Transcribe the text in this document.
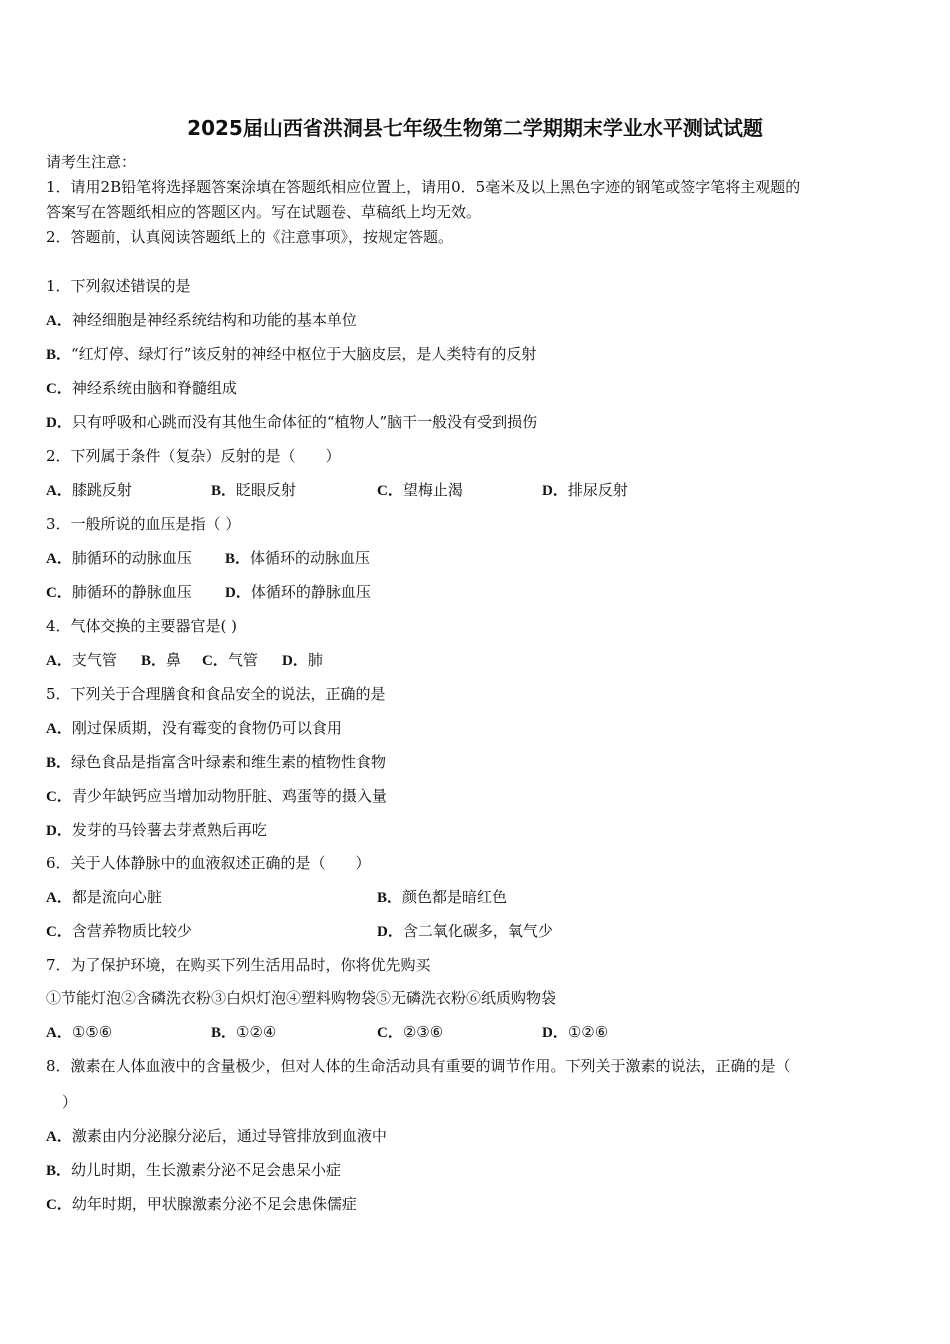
2025届山西省洪洞县七年级生物第二学期期末学业水平测试试题
请考生注意：
1．请用2B铅笔将选择题答案涂填在答题纸相应位置上，请用0．5毫米及以上黑色字迹的钢笔或签字笔将主观题的
答案写在答题纸相应的答题区内。写在试题卷、草稿纸上均无效。
2．答题前，认真阅读答题纸上的《注意事项》，按规定答题。
1．下列叙述错误的是
A．神经细胞是神经系统结构和功能的基本单位
B．“红灯停、绿灯行”该反射的神经中枢位于大脑皮层，是人类特有的反射
C．神经系统由脑和脊髓组成
D．只有呼吸和心跳而没有其他生命体征的“植物人”脑干一般没有受到损伤
2．下列属于条件（复杂）反射的是（　　）
A．膝跳反射	B．眨眼反射	C．望梅止渴	D．排尿反射
3．一般所说的血压是指（ ）
A．肺循环的动脉血压 B．体循环的动脉血压
C．肺循环的静脉血压 D．体循环的静脉血压
4．气体交换的主要器官是( )
A．支气管 B．鼻 C．气管 D．肺
5．下列关于合理膳食和食品安全的说法，正确的是
A．刚过保质期，没有霉变的食物仍可以食用
B．绿色食品是指富含叶绿素和维生素的植物性食物
C．青少年缺钙应当增加动物肝脏、鸡蛋等的摄入量
D．发芽的马铃薯去芽煮熟后再吃
6．关于人体静脉中的血液叙述正确的是（　　）
A．都是流向心脏	B．颜色都是暗红色
C．含营养物质比较少	D．含二氧化碳多，氧气少
7．为了保护环境，在购买下列生活用品时，你将优先购买
①节能灯泡②含磷洗衣粉③白炽灯泡④塑料购物袋⑤无磷洗衣粉⑥纸质购物袋
A．①⑤⑥	B．①②④	C．②③⑥	D．①②⑥
8．激素在人体血液中的含量极少，但对人体的生命活动具有重要的调节作用。下列关于激素的说法，正确的是（
）
A．激素由内分泌腺分泌后，通过导管排放到血液中
B．幼儿时期，生长激素分泌不足会患呆小症
C．幼年时期，甲状腺激素分泌不足会患侏儒症
